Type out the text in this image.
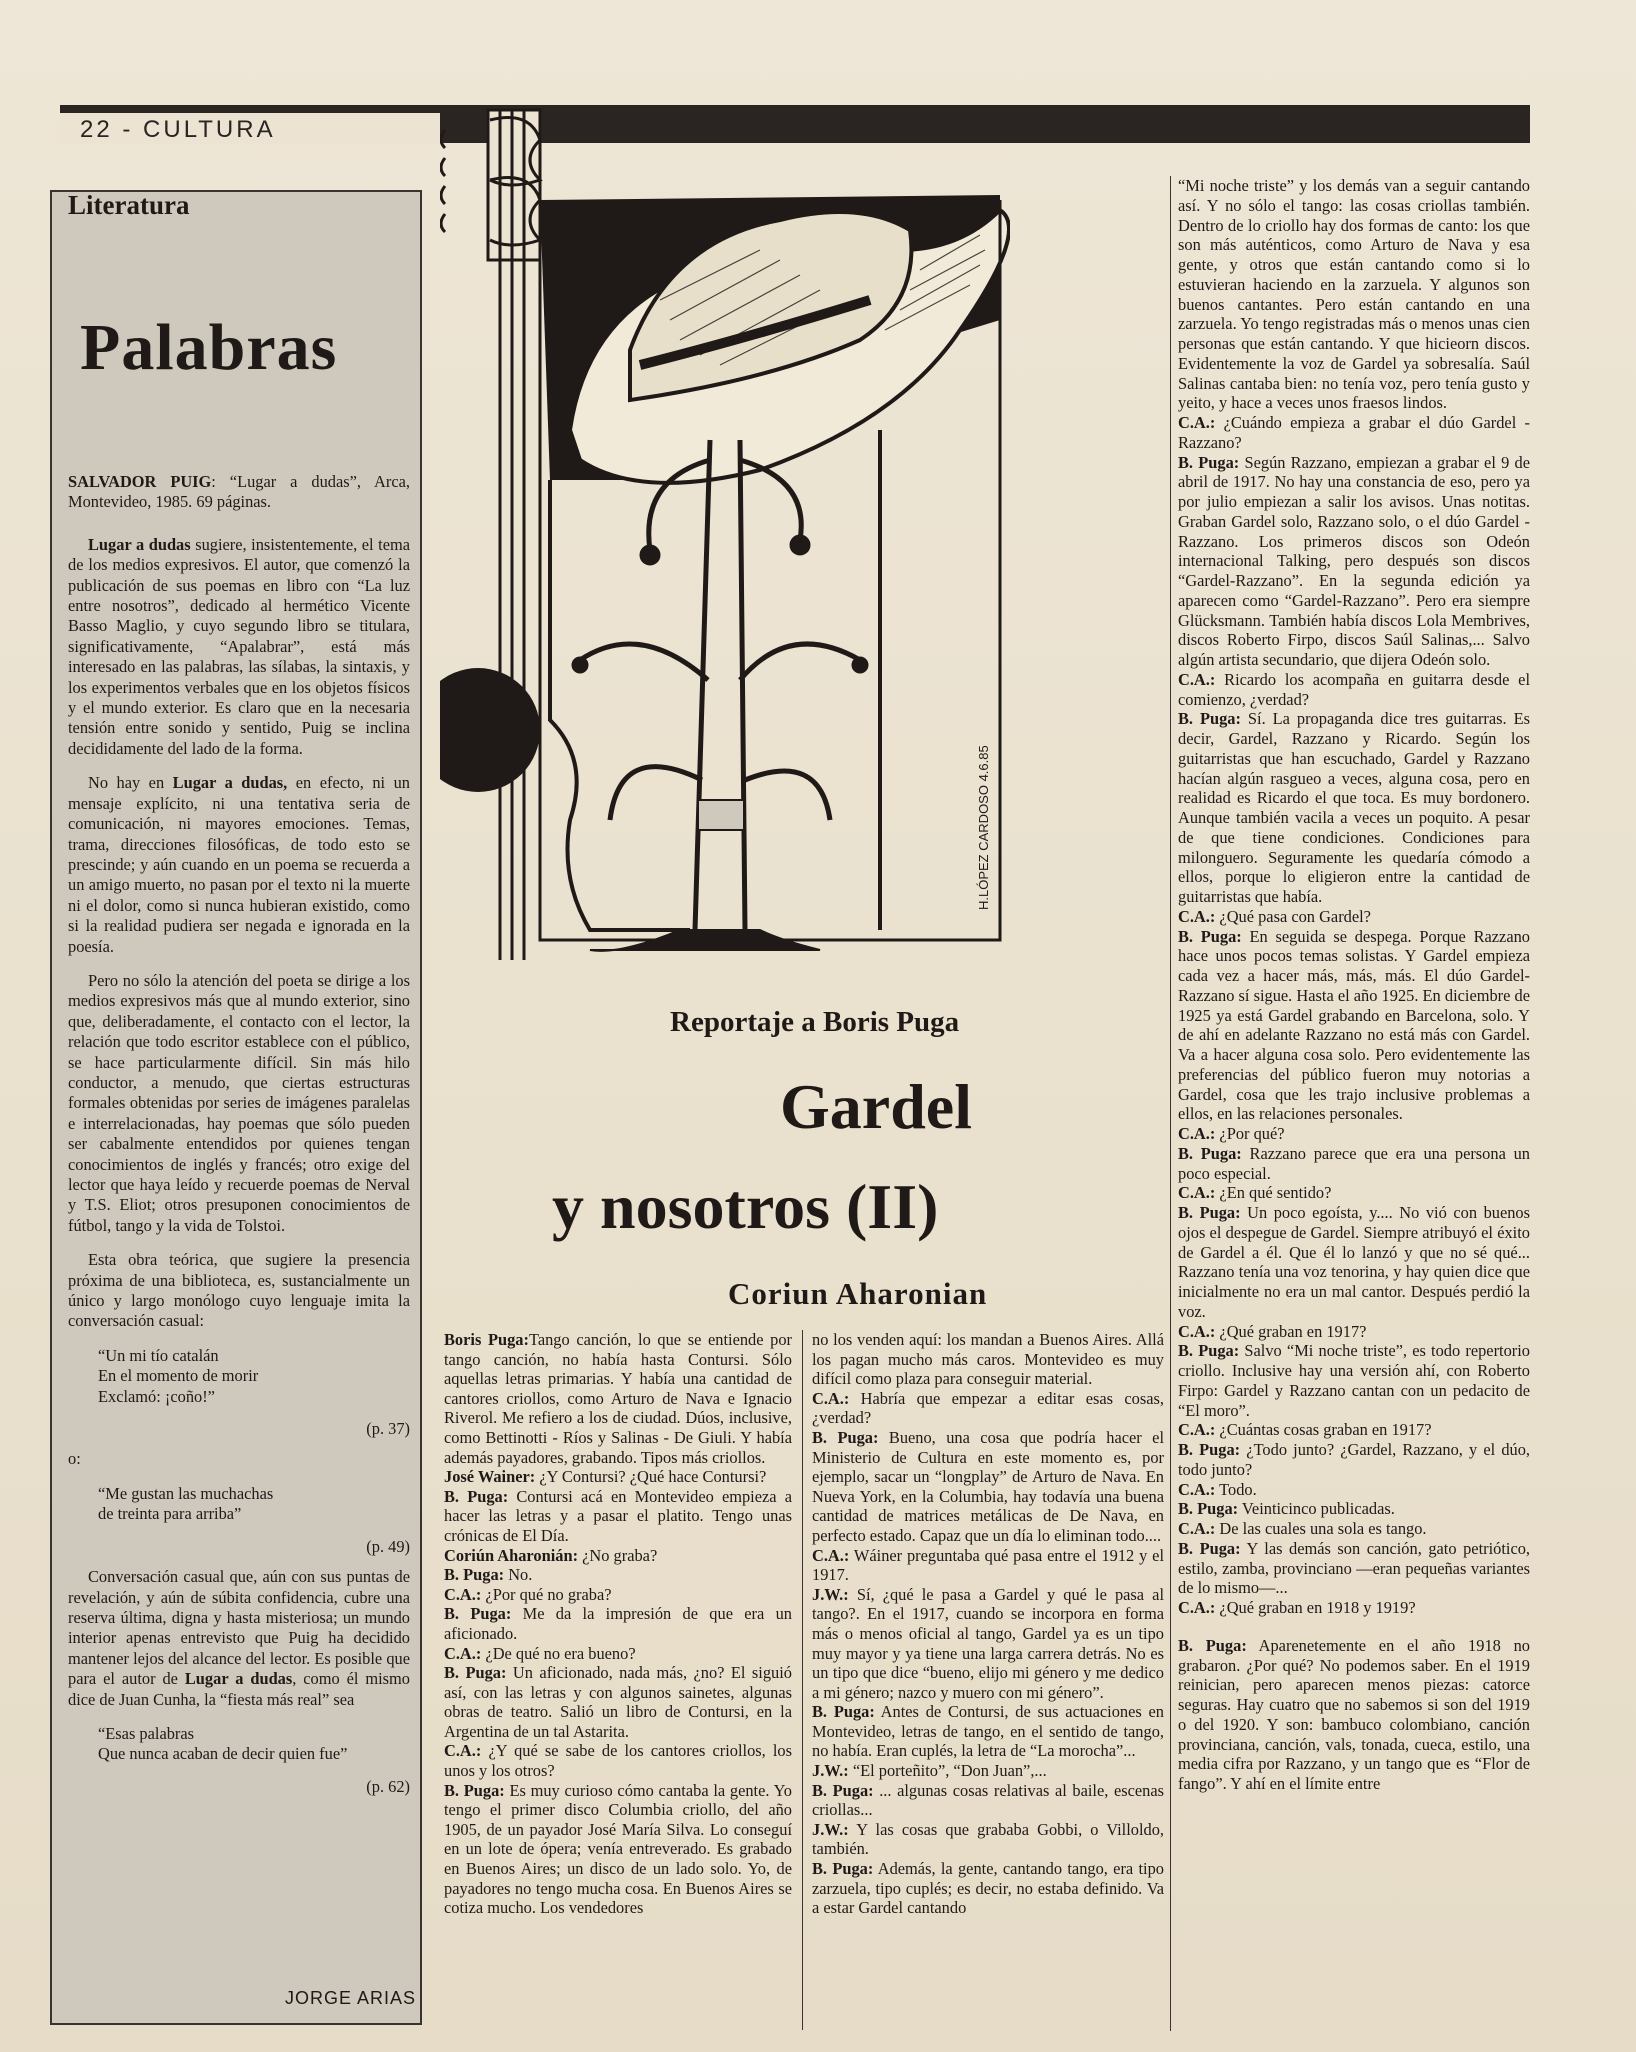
22 - CULTURA
Literatura
Palabras

SALVADOR PUIG: “Lugar a dudas”, Arca, Montevideo, 1985. 69 páginas.

Lugar a dudas sugiere, insistentemente, el tema de los medios expresivos. El autor, que comenzó la publicación de sus poemas en libro con “La luz entre nosotros”, dedicado al hermético Vicente Basso Maglio, y cuyo segundo libro se titulara, significativamente, “Apalabrar”, está más interesado en las palabras, las sílabas, la sintaxis, y los experimentos verbales que en los objetos físicos y el mundo exterior. Es claro que en la necesaria tensión entre sonido y sentido, Puig se inclina decididamente del lado de la forma.

No hay en Lugar a dudas, en efecto, ni un mensaje explícito, ni una tentativa seria de comunicación, ni mayores emociones. Temas, trama, direcciones filosóficas, de todo esto se prescinde; y aún cuando en un poema se recuerda a un amigo muerto, no pasan por el texto ni la muerte ni el dolor, como si nunca hubieran existido, como si la realidad pudiera ser negada e ignorada en la poesía.

Pero no sólo la atención del poeta se dirige a los medios expresivos más que al mundo exterior, sino que, deliberadamente, el contacto con el lector, la relación que todo escritor establece con el público, se hace particularmente difícil. Sin más hilo conductor, a menudo, que ciertas estructuras formales obtenidas por series de imágenes paralelas e interrelacionadas, hay poemas que sólo pueden ser cabalmente entendidos por quienes tengan conocimientos de inglés y francés; otro exige del lector que haya leído y recuerde poemas de Nerval y T.S. Eliot; otros presuponen conocimientos de fútbol, tango y la vida de Tolstoi.

Esta obra teórica, que sugiere la presencia próxima de una biblioteca, es, sustancialmente un único y largo monólogo cuyo lenguaje imita la conversación casual:

“Un mi tío catalán
En el momento de morir
Exclamó: ¡coño!”
(p. 37)

o:

“Me gustan las muchachas
de treinta para arriba”
(p. 49)

Conversación casual que, aún con sus puntas de revelación, y aún de súbita confidencia, cubre una reserva última, digna y hasta misteriosa; un mundo interior apenas entrevisto que Puig ha decidido mantener lejos del alcance del lector. Es posible que para el autor de Lugar a dudas, como él mismo dice de Juan Cunha, la “fiesta más real” sea

“Esas palabras
Que nunca acaban de decir quien fue”
(p. 62)
JORGE ARIAS
H.LÓPEZ CARDOSO 4.6.85
Reportaje a Boris Puga
Gardel
y nosotros (II)
Coriun Aharonian
Boris Puga:Tango canción, lo que se entiende por tango canción, no había hasta Contursi. Sólo aquellas letras primarias. Y había una cantidad de cantores criollos, como Arturo de Nava e Ignacio Riverol. Me refiero a los de ciudad. Dúos, inclusive, como Bettinotti - Ríos y Salinas - De Giuli. Y había además payadores, grabando. Tipos más criollos.
José Wainer: ¿Y Contursi? ¿Qué hace Contursi?
B. Puga: Contursi acá en Montevideo empieza a hacer las letras y a pasar el platito. Tengo unas crónicas de El Día.
Coriún Aharonián: ¿No graba?
B. Puga: No.
C.A.: ¿Por qué no graba?
B. Puga: Me da la impresión de que era un aficionado.
C.A.: ¿De qué no era bueno?
B. Puga: Un aficionado, nada más, ¿no? El siguió así, con las letras y con algunos sainetes, algunas obras de teatro. Salió un libro de Contursi, en la Argentina de un tal Astarita.
C.A.: ¿Y qué se sabe de los cantores criollos, los unos y los otros?
B. Puga: Es muy curioso cómo cantaba la gente. Yo tengo el primer disco Columbia criollo, del año 1905, de un payador José María Silva. Lo conseguí en un lote de ópera; venía entreverado. Es grabado en Buenos Aires; un disco de un lado solo. Yo, de payadores no tengo mucha cosa. En Buenos Aires se cotiza mucho. Los vendedores
no los venden aquí: los mandan a Buenos Aires. Allá los pagan mucho más caros. Montevideo es muy difícil como plaza para conseguir material.
C.A.: Habría que empezar a editar esas cosas, ¿verdad?
B. Puga: Bueno, una cosa que podría hacer el Ministerio de Cultura en este momento es, por ejemplo, sacar un “longplay” de Arturo de Nava. En Nueva York, en la Columbia, hay todavía una buena cantidad de matrices metálicas de De Nava, en perfecto estado. Capaz que un día lo eliminan todo....
C.A.: Wáiner preguntaba qué pasa entre el 1912 y el 1917.
J.W.: Sí, ¿qué le pasa a Gardel y qué le pasa al tango?. En el 1917, cuando se incorpora en forma más o menos oficial al tango, Gardel ya es un tipo muy mayor y ya tiene una larga carrera detrás. No es un tipo que dice “bueno, elijo mi género y me dedico a mi género; nazco y muero con mi género”.
B. Puga: Antes de Contursi, de sus actuaciones en Montevideo, letras de tango, en el sentido de tango, no había. Eran cuplés, la letra de “La morocha”...
J.W.: “El porteñito”, “Don Juan”,...
B. Puga: ... algunas cosas relativas al baile, escenas criollas...
J.W.: Y las cosas que grababa Gobbi, o Villoldo, también.
B. Puga: Además, la gente, cantando tango, era tipo zarzuela, tipo cuplés; es decir, no estaba definido. Va a estar Gardel cantando
“Mi noche triste” y los demás van a seguir cantando así. Y no sólo el tango: las cosas criollas también. Dentro de lo criollo hay dos formas de canto: los que son más auténticos, como Arturo de Nava y esa gente, y otros que están cantando como si lo estuvieran haciendo en la zarzuela. Y algunos son buenos cantantes. Pero están cantando en una zarzuela. Yo tengo registradas más o menos unas cien personas que están cantando. Y que hicieorn discos. Evidentemente la voz de Gardel ya sobresalía. Saúl Salinas cantaba bien: no tenía voz, pero tenía gusto y yeito, y hace a veces unos fraesos lindos.
C.A.: ¿Cuándo empieza a grabar el dúo Gardel - Razzano?
B. Puga: Según Razzano, empiezan a grabar el 9 de abril de 1917. No hay una constancia de eso, pero ya por julio empiezan a salir los avisos. Unas notitas. Graban Gardel solo, Razzano solo, o el dúo Gardel - Razzano. Los primeros discos son Odeón internacional Talking, pero después son discos “Gardel-Razzano”. En la segunda edición ya aparecen como “Gardel-Razzano”. Pero era siempre Glücksmann. También había discos Lola Membrives, discos Roberto Firpo, discos Saúl Salinas,... Salvo algún artista secundario, que dijera Odeón solo.
C.A.: Ricardo los acompaña en guitarra desde el comienzo, ¿verdad?
B. Puga: Sí. La propaganda dice tres guitarras. Es decir, Gardel, Razzano y Ricardo. Según los guitarristas que han escuchado, Gardel y Razzano hacían algún rasgueo a veces, alguna cosa, pero en realidad es Ricardo el que toca. Es muy bordonero. Aunque también vacila a veces un poquito. A pesar de que tiene condiciones. Condiciones para milonguero. Seguramente les quedaría cómodo a ellos, porque lo eligieron entre la cantidad de guitarristas que había.
C.A.: ¿Qué pasa con Gardel?
B. Puga: En seguida se despega. Porque Razzano hace unos pocos temas solistas. Y Gardel empieza cada vez a hacer más, más, más. El dúo Gardel-Razzano sí sigue. Hasta el año 1925. En diciembre de 1925 ya está Gardel grabando en Barcelona, solo. Y de ahí en adelante Razzano no está más con Gardel. Va a hacer alguna cosa solo. Pero evidentemente las preferencias del público fueron muy notorias a Gardel, cosa que les trajo inclusive problemas a ellos, en las relaciones personales.
C.A.: ¿Por qué?
B. Puga: Razzano parece que era una persona un poco especial.
C.A.: ¿En qué sentido?
B. Puga: Un poco egoísta, y.... No vió con buenos ojos el despegue de Gardel. Siempre atribuyó el éxito de Gardel a él. Que él lo lanzó y que no sé qué... Razzano tenía una voz tenorina, y hay quien dice que inicialmente no era un mal cantor. Después perdió la voz.
C.A.: ¿Qué graban en 1917?
B. Puga: Salvo “Mi noche triste”, es todo repertorio criollo. Inclusive hay una versión ahí, con Roberto Firpo: Gardel y Razzano cantan con un pedacito de “El moro”.
C.A.: ¿Cuántas cosas graban en 1917?
B. Puga: ¿Todo junto? ¿Gardel, Razzano, y el dúo, todo junto?
C.A.: Todo.
B. Puga: Veinticinco publicadas.
C.A.: De las cuales una sola es tango.
B. Puga: Y las demás son canción, gato petriótico, estilo, zamba, provinciano —eran pequeñas variantes de lo mismo—...
C.A.: ¿Qué graban en 1918 y 1919?
B. Puga: Aparenetemente en el año 1918 no grabaron. ¿Por qué? No podemos saber. En el 1919 reinician, pero aparecen menos piezas: catorce seguras. Hay cuatro que no sabemos si son del 1919 o del 1920. Y son: bambuco colombiano, canción provinciana, canción, vals, tonada, cueca, estilo, una media cifra por Razzano, y un tango que es “Flor de fango”. Y ahí en el límite entre
